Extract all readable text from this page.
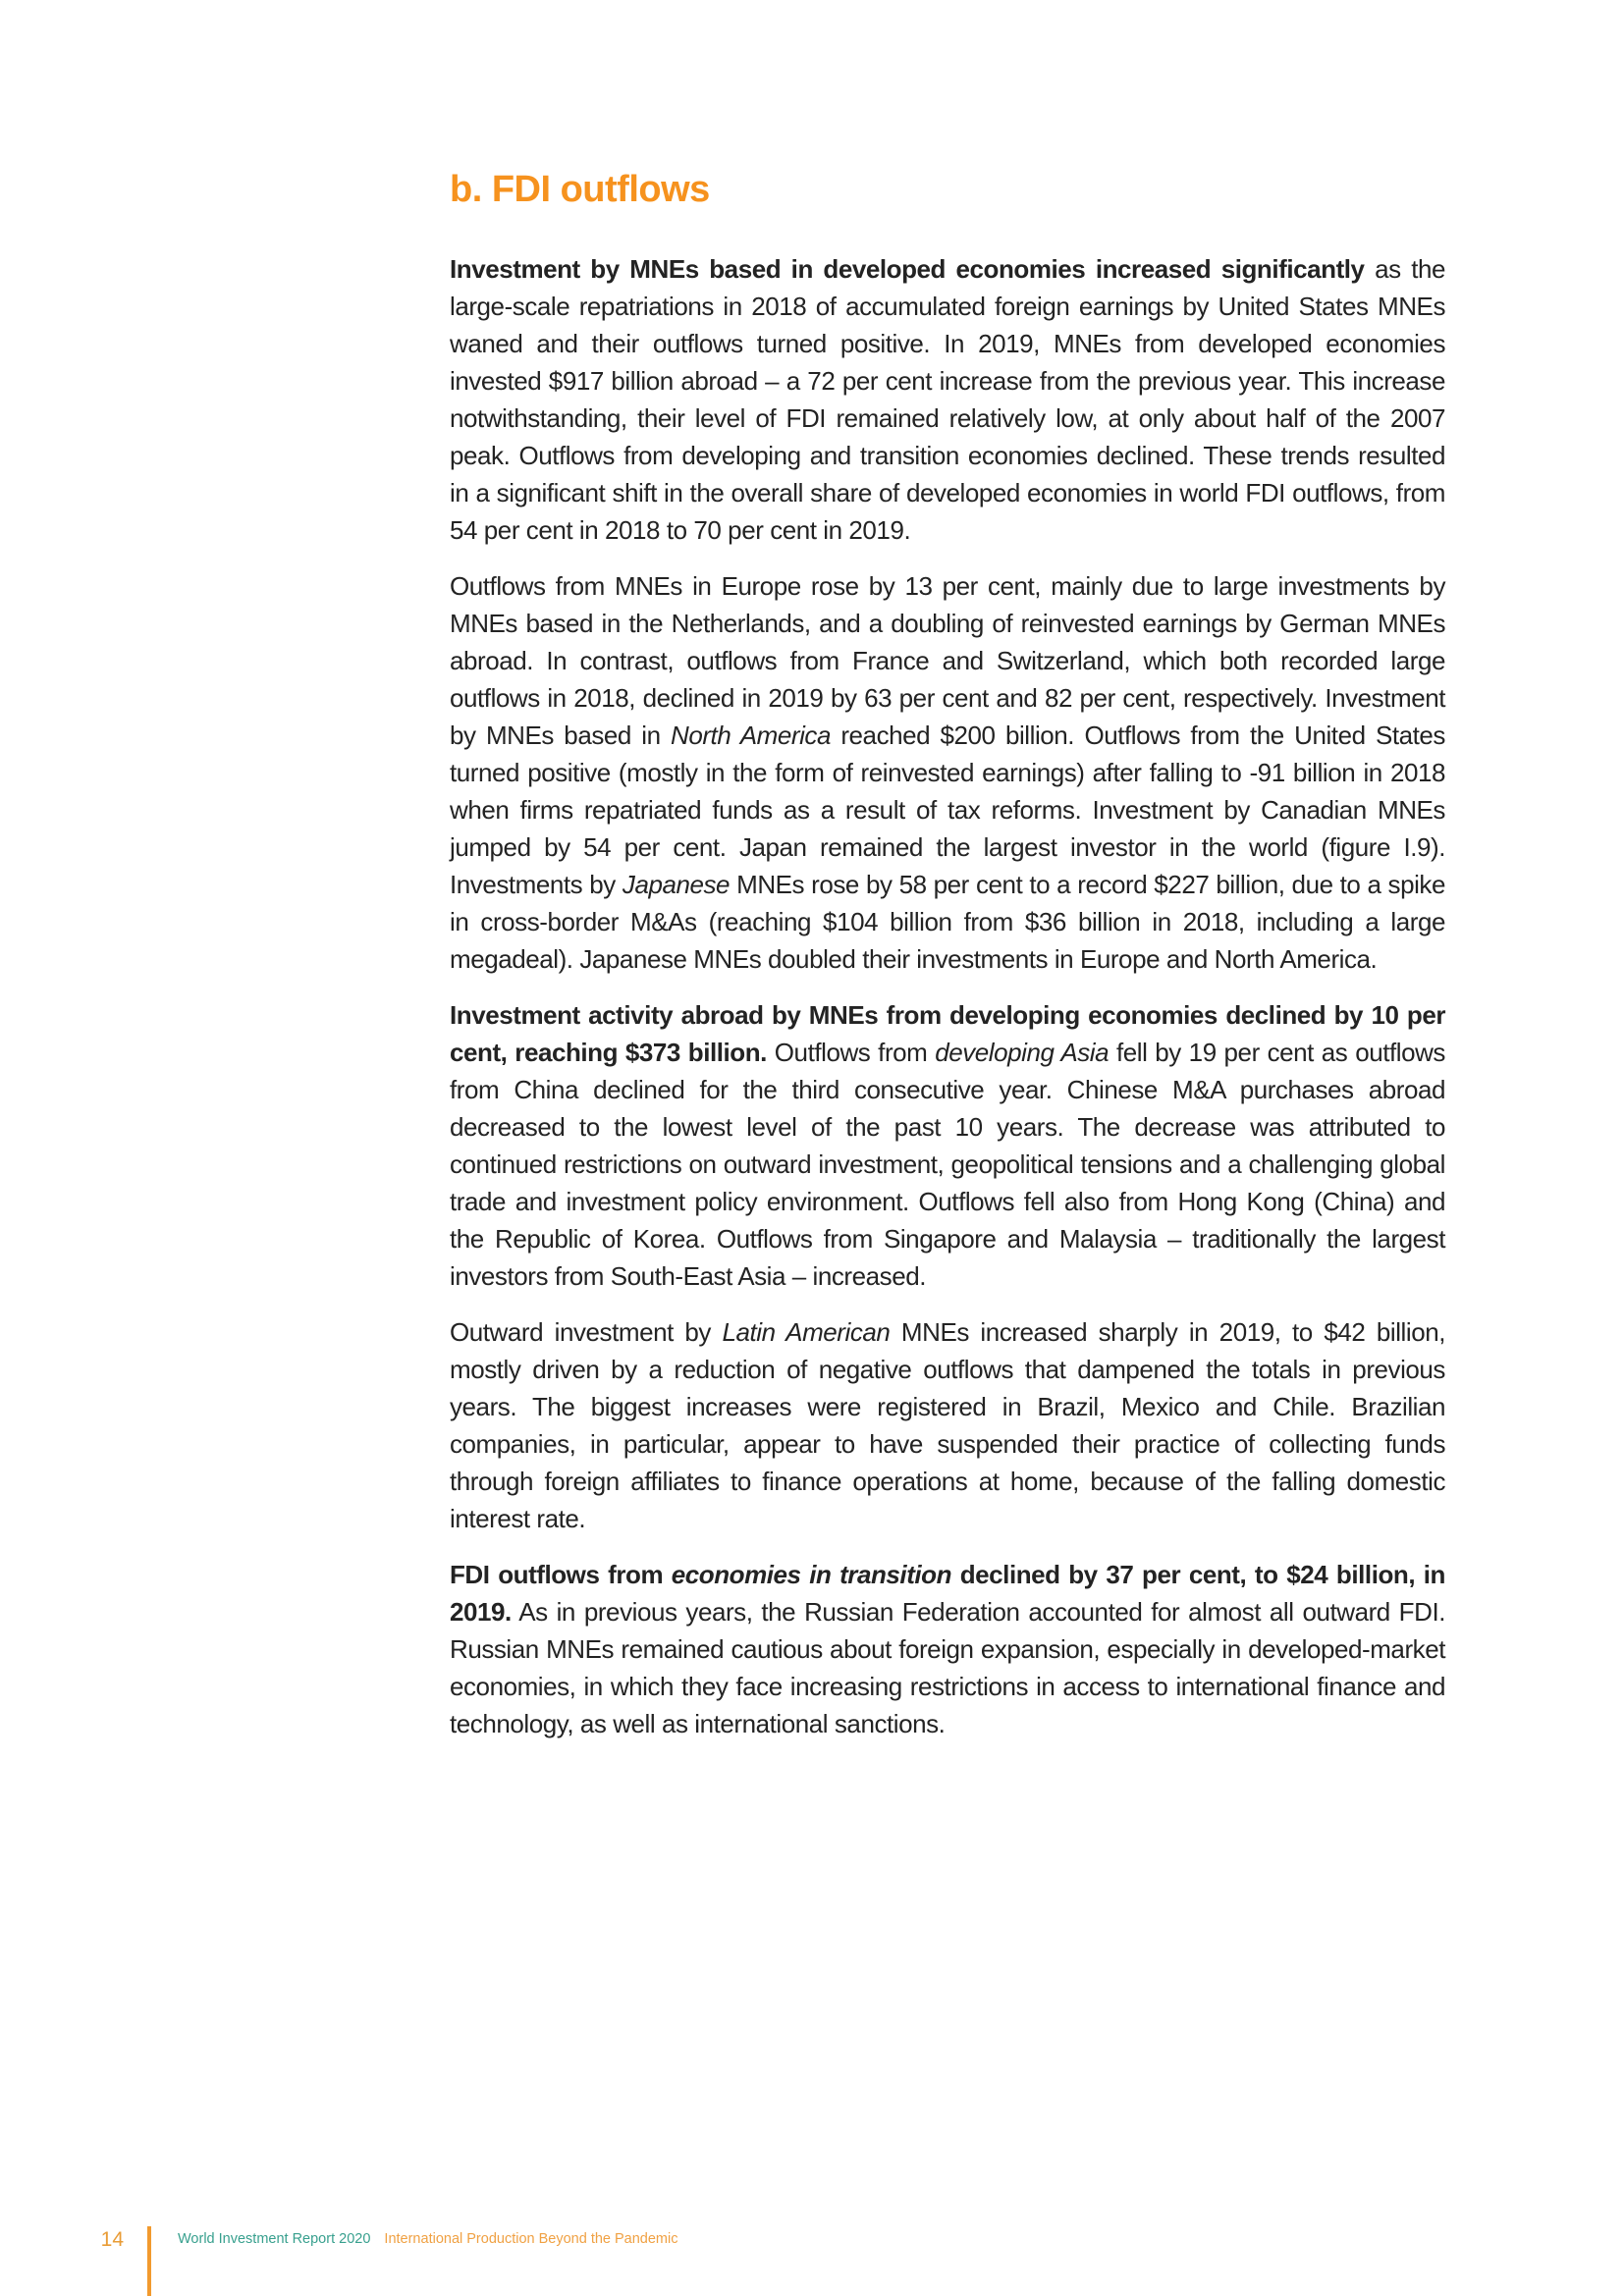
b. FDI outflows

Investment by MNEs based in developed economies increased significantly as the large-scale repatriations in 2018 of accumulated foreign earnings by United States MNEs waned and their outflows turned positive. In 2019, MNEs from developed economies invested $917 billion abroad – a 72 per cent increase from the previous year. This increase notwithstanding, their level of FDI remained relatively low, at only about half of the 2007 peak. Outflows from developing and transition economies declined. These trends resulted in a significant shift in the overall share of developed economies in world FDI outflows, from 54 per cent in 2018 to 70 per cent in 2019.

Outflows from MNEs in Europe rose by 13 per cent, mainly due to large investments by MNEs based in the Netherlands, and a doubling of reinvested earnings by German MNEs abroad. In contrast, outflows from France and Switzerland, which both recorded large outflows in 2018, declined in 2019 by 63 per cent and 82 per cent, respectively. Investment by MNEs based in North America reached $200 billion. Outflows from the United States turned positive (mostly in the form of reinvested earnings) after falling to -91 billion in 2018 when firms repatriated funds as a result of tax reforms. Investment by Canadian MNEs jumped by 54 per cent. Japan remained the largest investor in the world (figure I.9). Investments by Japanese MNEs rose by 58 per cent to a record $227 billion, due to a spike in cross-border M&As (reaching $104 billion from $36 billion in 2018, including a large megadeal). Japanese MNEs doubled their investments in Europe and North America.

Investment activity abroad by MNEs from developing economies declined by 10 per cent, reaching $373 billion. Outflows from developing Asia fell by 19 per cent as outflows from China declined for the third consecutive year. Chinese M&A purchases abroad decreased to the lowest level of the past 10 years. The decrease was attributed to continued restrictions on outward investment, geopolitical tensions and a challenging global trade and investment policy environment. Outflows fell also from Hong Kong (China) and the Republic of Korea. Outflows from Singapore and Malaysia – traditionally the largest investors from South-East Asia – increased.

Outward investment by Latin American MNEs increased sharply in 2019, to $42 billion, mostly driven by a reduction of negative outflows that dampened the totals in previous years. The biggest increases were registered in Brazil, Mexico and Chile. Brazilian companies, in particular, appear to have suspended their practice of collecting funds through foreign affiliates to finance operations at home, because of the falling domestic interest rate.

FDI outflows from economies in transition declined by 37 per cent, to $24 billion, in 2019. As in previous years, the Russian Federation accounted for almost all outward FDI. Russian MNEs remained cautious about foreign expansion, especially in developed-market economies, in which they face increasing restrictions in access to international finance and technology, as well as international sanctions.

14	World Investment Report 2020 International Production Beyond the Pandemic
